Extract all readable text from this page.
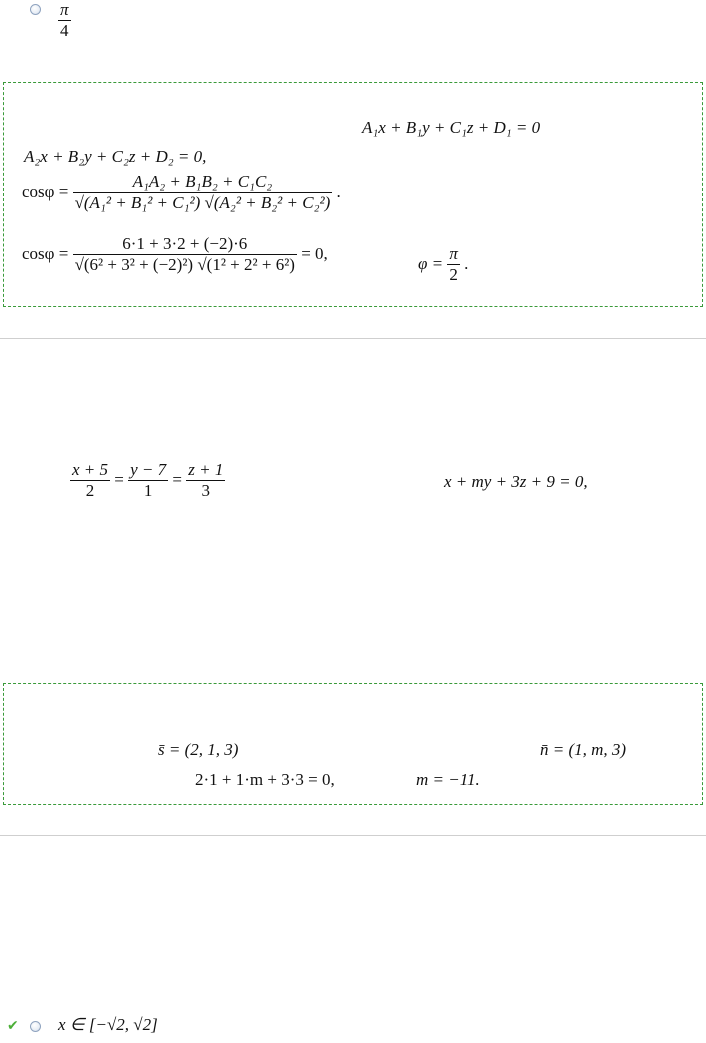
$\frac{\pi}{4}$
A₁x + B₁y + C₁z + D₁ = 0
A₂x + B₂y + C₂z + D₂ = 0,
$\cos\varphi = \frac{\text{A₁A₂ + B₁B₂ + C₁C₂}}{\text{√(A₁² + B₁² + C₁²) √(A₂² + B₂² + C₂²)}}$ .
$\cos\varphi = \frac{6\cdot 1 + 3\cdot 2 + (-2)\cdot 6}{\text{√(6² + 3² + (−2)²) √(1² + 2² + 6²)}} = 0$,
$\varphi = \frac{\pi}{2}$ .
$\frac{x + 5}{2} = \frac{y - 7}{1} = \frac{z + 1}{3}$	x + my + 3z + 9 = 0,
s̄ = (2, 1, 3)	n̄ = (1, m, 3)
2·1 + 1·m + 3·3 = 0,	m = −11.
✔ x ∈ [−√2, √2]
